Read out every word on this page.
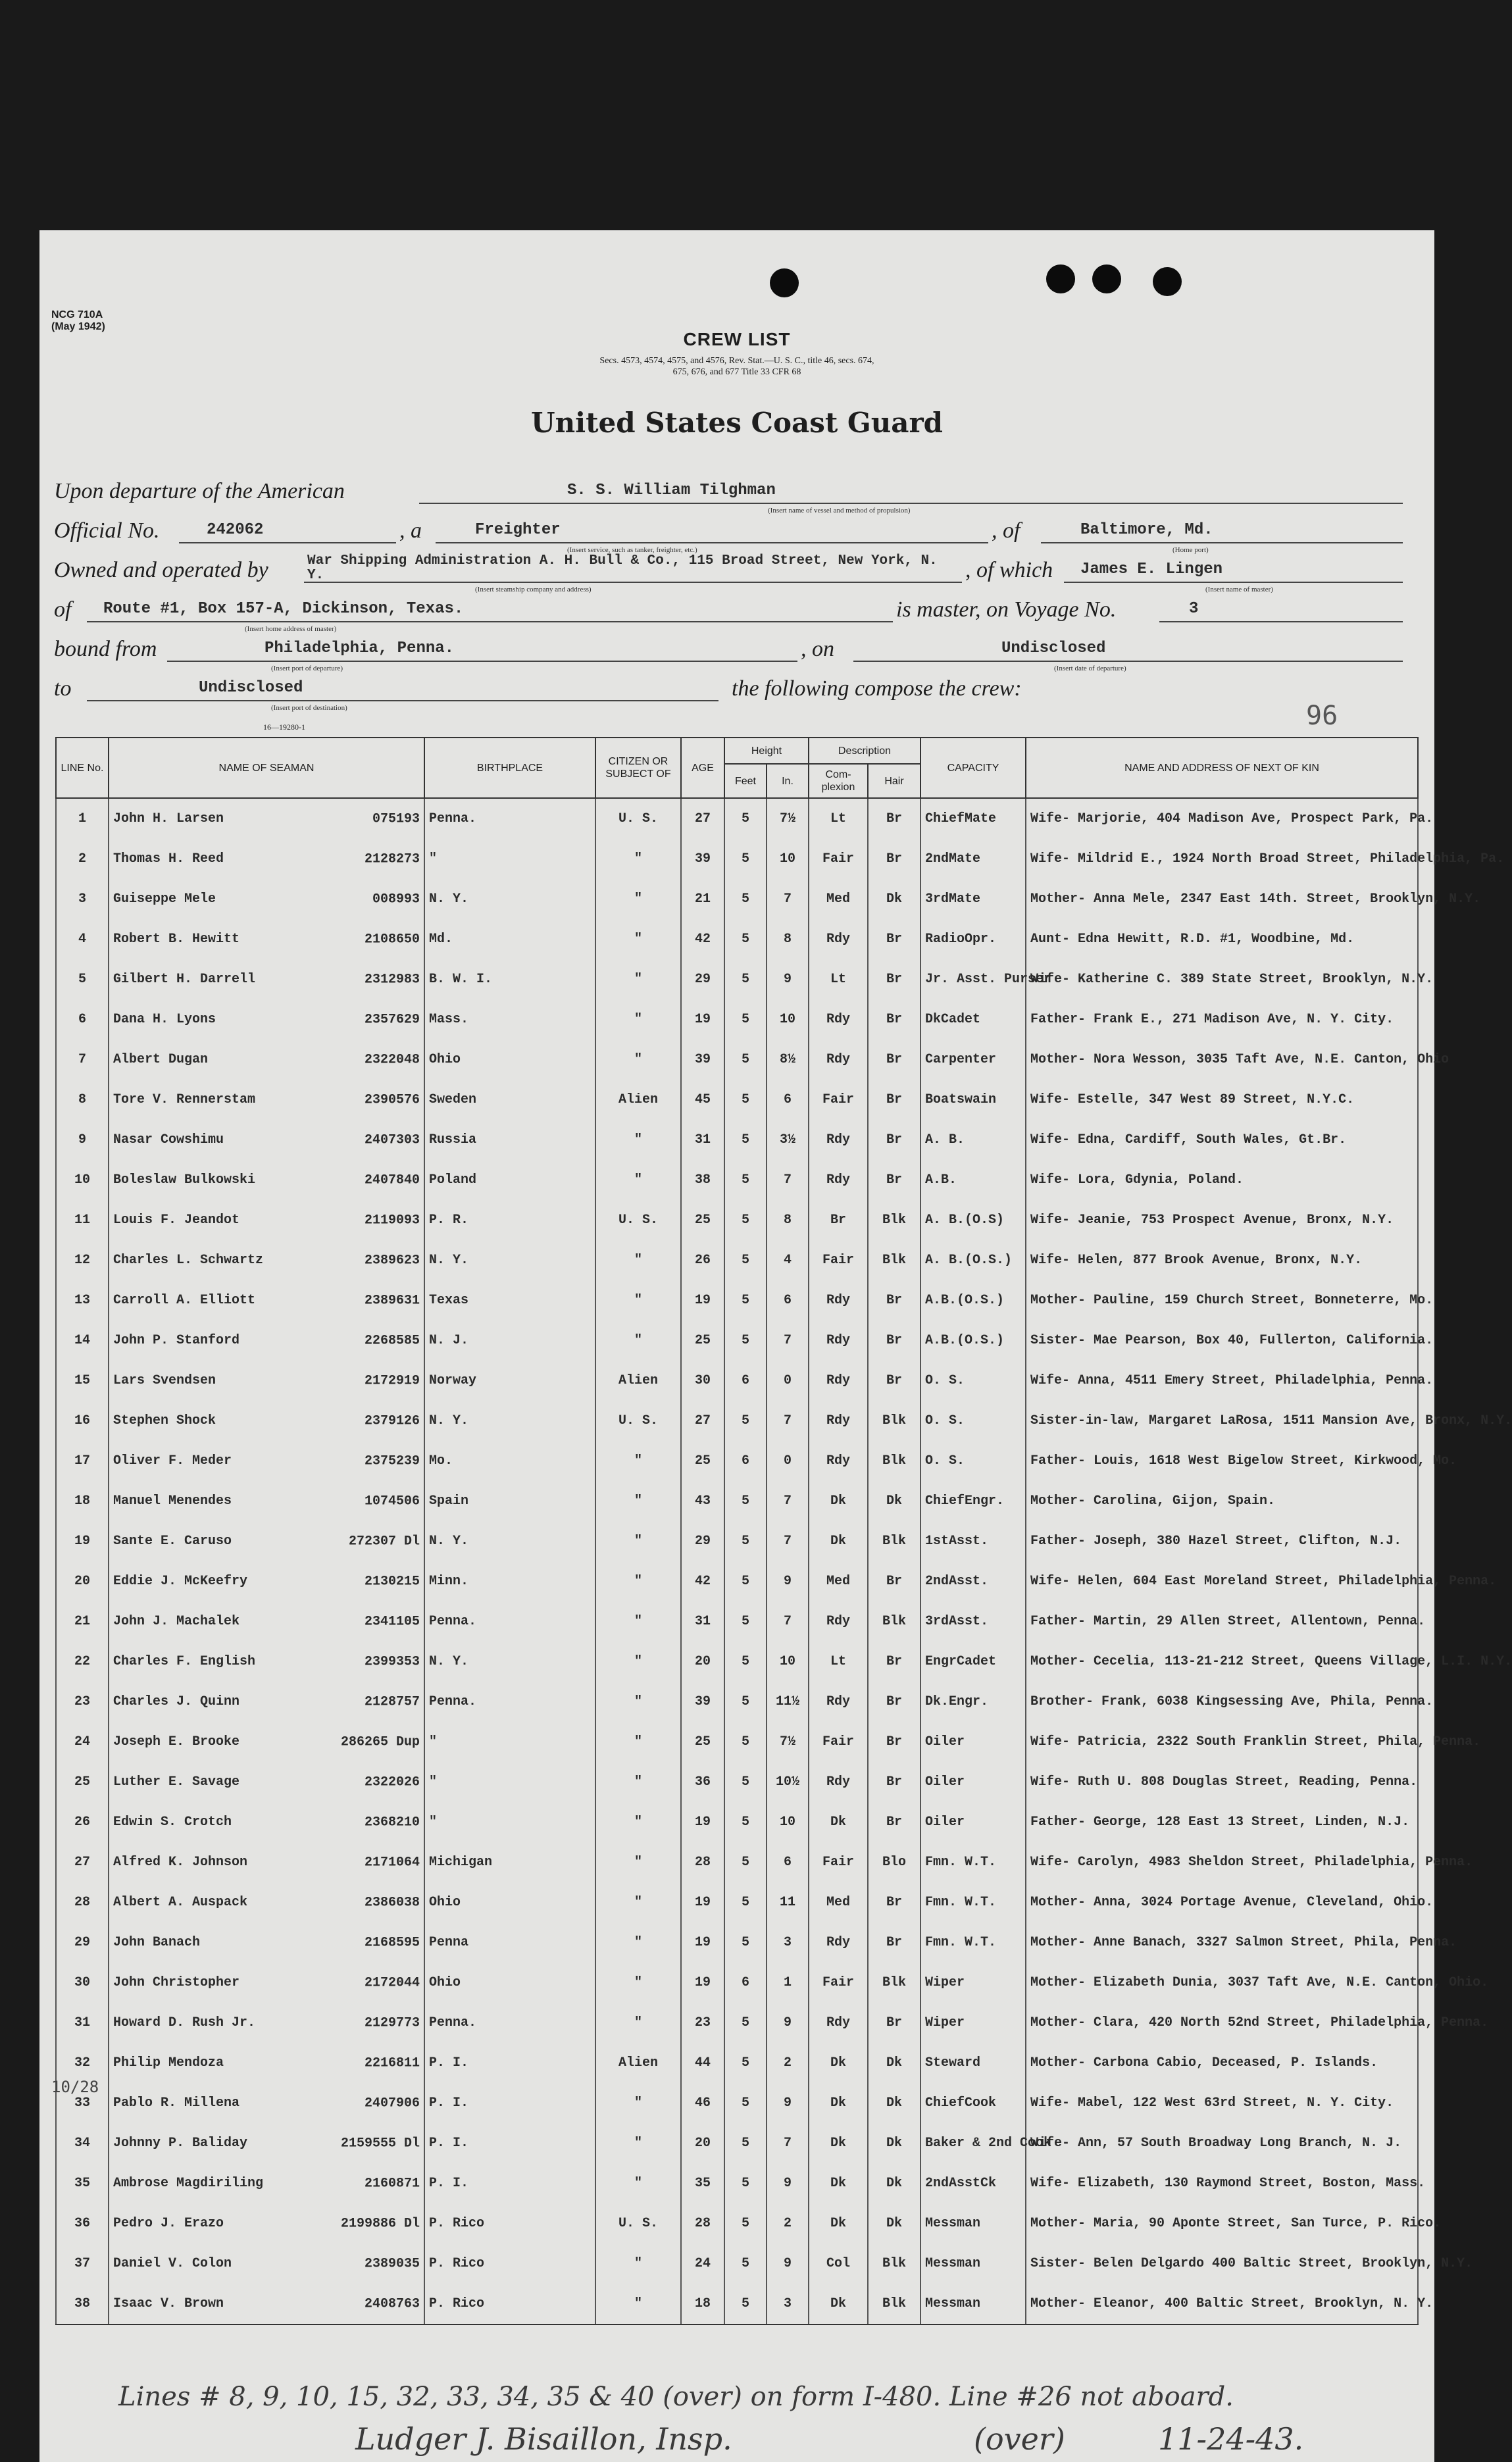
NCG 710A
(May 1942)
CREW LIST
Secs. 4573, 4574, 4575, and 4576, Rev. Stat.—U. S. C., title 46, secs. 674, 675, 676, and 677 Title 33 CFR 68
United States Coast Guard
Upon departure of the American	S. S. William Tilghman
(Insert name of vessel and method of propulsion)
Official No.	242062	, a	Freighter
(Insert service, such as tanker, freighter, etc.)
, of	Baltimore, Md.
(Home port)
Owned and operated by	War Shipping Administration A. H. Bull & Co., 115 Broad Street, New York, N. Y.
(Insert steamship company and address)
, of which James E. Lingen
(Insert name of master)
of Route #1, Box 157-A, Dickinson, Texas.
(Insert home address of master)
is master, on Voyage No.	3
bound from	Philadelphia, Penna.
(Insert port of departure)
, on	Undisclosed
(Insert date of departure)
to	Undisclosed
(Insert port of destination)
the following compose the crew:
16—19280-1	96
LINE No.	NAME OF SEAMAN	BIRTHPLACE	CITIZEN OR SUBJECT OF	AGE	Height		Description		CAPACITY	NAME AND ADDRESS OF NEXT OF KIN
					Feet	In.	Com-plexion	Hair		
1	John H. Larsen 075193	Penna.	U. S.	27	5	7½	Lt	Br	ChiefMate	Wife- Marjorie, 404 Madison Ave, Prospect Park, Pa.
2	Thomas H. Reed 2128273	"	"	39	5	10	Fair	Br	2ndMate	Wife- Mildrid E., 1924 North Broad Street, Philadelphia, Pa.
3	Guiseppe Mele 008993	N. Y.	"	21	5	7	Med	Dk	3rdMate	Mother- Anna Mele, 2347 East 14th. Street, Brooklyn, N.Y.
4	Robert B. Hewitt 2108650	Md.	"	42	5	8	Rdy	Br	RadioOpr.	Aunt- Edna Hewitt, R.D. #1, Woodbine, Md.
5	Gilbert H. Darrell 2312983	B. W. I.	"	29	5	9	Lt	Br	Jr. Asst. Purser	Wife- Katherine C. 389 State Street, Brooklyn, N.Y.
6	Dana H. Lyons 2357629	Mass.	"	19	5	10	Rdy	Br	DkCadet	Father- Frank E., 271 Madison Ave, N. Y. City.
7	Albert Dugan 2322048	Ohio	"	39	5	8½	Rdy	Br	Carpenter	Mother- Nora Wesson, 3035 Taft Ave, N.E. Canton, Ohio
8	Tore V. Rennerstam 2390576	Sweden	Alien	45	5	6	Fair	Br	Boatswain	Wife- Estelle, 347 West 89 Street, N.Y.C.
9	Nasar Cowshimu 2407303	Russia	"	31	5	3½	Rdy	Br	A. B.	Wife- Edna, Cardiff, South Wales, Gt.Br.
10	Boleslaw Bulkowski 2407840	Poland	"	38	5	7	Rdy	Br	A.B.	Wife- Lora, Gdynia, Poland.
11	Louis F. Jeandot 2119093	P. R.	U. S.	25	5	8	Br	Blk	A. B.(O.S)	Wife- Jeanie, 753 Prospect Avenue, Bronx, N.Y.
12	Charles L. Schwartz 2389623	N. Y.	"	26	5	4	Fair	Blk	A. B.(O.S.)	Wife- Helen, 877 Brook Avenue, Bronx, N.Y.
13	Carroll A. Elliott 2389631	Texas	"	19	5	6	Rdy	Br	A.B.(O.S.)	Mother- Pauline, 159 Church Street, Bonneterre, Mo.
14	John P. Stanford 2268585	N. J.	"	25	5	7	Rdy	Br	A.B.(O.S.)	Sister- Mae Pearson, Box 40, Fullerton, California.
15	Lars Svendsen 2172919	Norway	Alien	30	6	0	Rdy	Br	O. S.	Wife- Anna, 4511 Emery Street, Philadelphia, Penna.
16	Stephen Shock 2379126	N. Y.	U. S.	27	5	7	Rdy	Blk	O. S.	Sister-in-law, Margaret LaRosa, 1511 Mansion Ave, Bronx, N.Y.
17	Oliver F. Meder 2375239	Mo.	"	25	6	0	Rdy	Blk	O. S.	Father- Louis, 1618 West Bigelow Street, Kirkwood, Mo.
18	Manuel Menendes 1074506	Spain	"	43	5	7	Dk	Dk	ChiefEngr.	Mother- Carolina, Gijon, Spain.
19	Sante E. Caruso 272307 Dl	N. Y.	"	29	5	7	Dk	Blk	1stAsst.	Father- Joseph, 380 Hazel Street, Clifton, N.J.
20	Eddie J. McKeefry 2130215	Minn.	"	42	5	9	Med	Br	2ndAsst.	Wife- Helen, 604 East Moreland Street, Philadelphia, Penna.
21	John J. Machalek 2341105	Penna.	"	31	5	7	Rdy	Blk	3rdAsst.	Father- Martin, 29 Allen Street, Allentown, Penna.
22	Charles F. English 2399353	N. Y.	"	20	5	10	Lt	Br	EngrCadet	Mother- Cecelia, 113-21-212 Street, Queens Village, L.I. N.Y.
23	Charles J. Quinn 2128757	Penna.	"	39	5	11½	Rdy	Br	Dk.Engr.	Brother- Frank, 6038 Kingsessing Ave, Phila, Penna.
24	Joseph E. Brooke 286265 Dup	"	"	25	5	7½	Fair	Br	Oiler	Wife- Patricia, 2322 South Franklin Street, Phila, Penna.
25	Luther E. Savage 2322026	"	"	36	5	10½	Rdy	Br	Oiler	Wife- Ruth U. 808 Douglas Street, Reading, Penna.
26	Edwin S. Crotch 2368210	"	"	19	5	10	Dk	Br	Oiler	Father- George, 128 East 13 Street, Linden, N.J.
27	Alfred K. Johnson 2171064	Michigan	"	28	5	6	Fair	Blo	Fmn. W.T.	Wife- Carolyn, 4983 Sheldon Street, Philadelphia, Penna.
28	Albert A. Auspack 2386038	Ohio	"	19	5	11	Med	Br	Fmn. W.T.	Mother- Anna, 3024 Portage Avenue, Cleveland, Ohio.
29	John Banach 2168595	Penna	"	19	5	3	Rdy	Br	Fmn. W.T.	Mother- Anne Banach, 3327 Salmon Street, Phila, Penna.
30	John Christopher 2172044	Ohio	"	19	6	1	Fair	Blk	Wiper	Mother- Elizabeth Dunia, 3037 Taft Ave, N.E. Canton, Ohio.
31	Howard D. Rush Jr. 2129773	Penna.	"	23	5	9	Rdy	Br	Wiper	Mother- Clara, 420 North 52nd Street, Philadelphia, Penna.
32	Philip Mendoza 2216811	P. I.	Alien	44	5	2	Dk	Dk	Steward	Mother- Carbona Cabio, Deceased, P. Islands.
33	Pablo R. Millena 2407906	P. I.	"	46	5	9	Dk	Dk	ChiefCook	Wife- Mabel, 122 West 63rd Street, N. Y. City.
34	Johnny P. Baliday 2159555 Dl	P. I.	"	20	5	7	Dk	Dk	Baker & 2nd Cook	Wife- Ann, 57 South Broadway Long Branch, N. J.
35	Ambrose Magdiriling 2160871	P. I.	"	35	5	9	Dk	Dk	2ndAsstCk	Wife- Elizabeth, 130 Raymond Street, Boston, Mass.
36	Pedro J. Erazo 2199886 Dl	P. Rico	U. S.	28	5	2	Dk	Dk	Messman	Mother- Maria, 90 Aponte Street, San Turce, P. Rico.
37	Daniel V. Colon 2389035	P. Rico	"	24	5	9	Col	Blk	Messman	Sister- Belen Delgardo 400 Baltic Street, Brooklyn, N.Y.
38	Isaac V. Brown 2408763	P. Rico	"	18	5	3	Dk	Blk	Messman	Mother- Eleanor, 400 Baltic Street, Brooklyn, N. Y.
10/28
Lines # 8, 9, 10, 15, 32, 33, 34, 35 & 40 (over) on form I-480. Line #26 not aboard.
Ludger J. Bisaillon, Insp.	(over)	11-24-43.
